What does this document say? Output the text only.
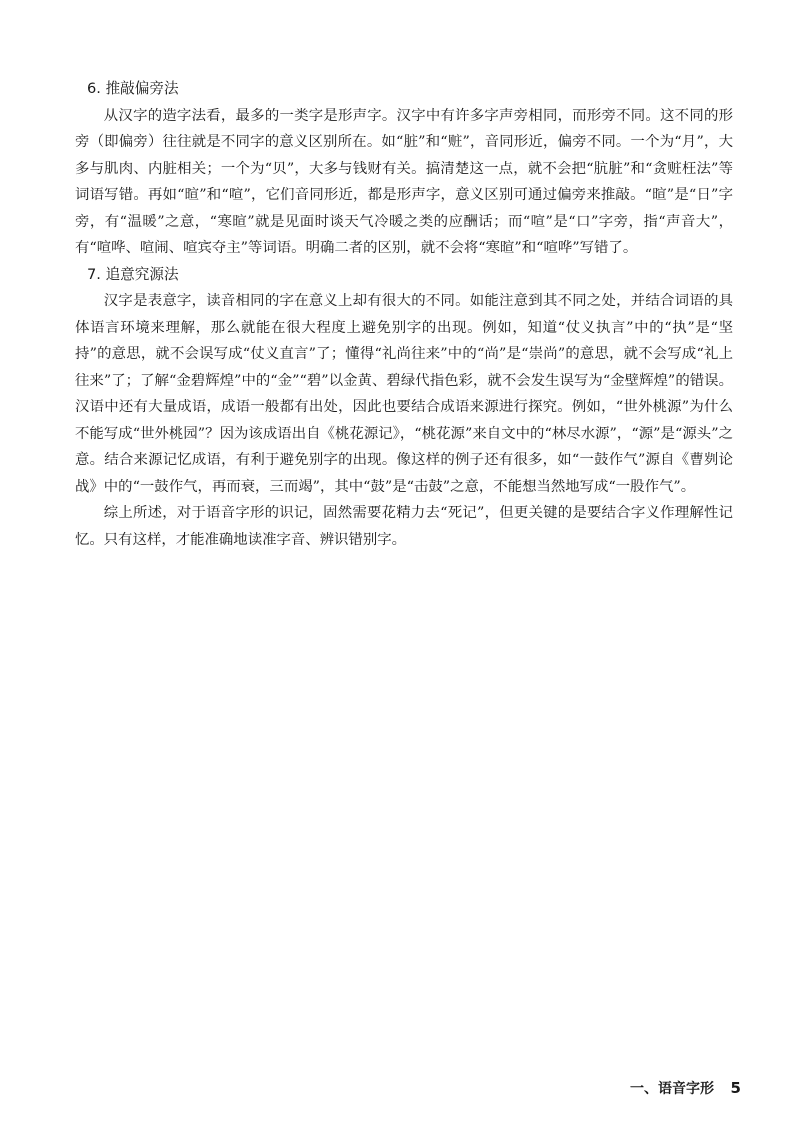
6. 推敲偏旁法

从汉字的造字法看，最多的一类字是形声字。汉字中有许多字声旁相同，而形旁不同。这不同的形旁（即偏旁）往往就是不同字的意义区别所在。如“脏”和“赃”，音同形近，偏旁不同。一个为“月”，大多与肌肉、内脏相关；一个为“贝”，大多与钱财有关。搞清楚这一点，就不会把“肮脏”和“贪赃枉法”等词语写错。再如“暄”和“喧”，它们音同形近，都是形声字，意义区别可通过偏旁来推敲。“暄”是“日”字旁，有“温暖”之意，“寒暄”就是见面时谈天气冷暖之类的应酬话；而“喧”是“口”字旁，指“声音大”，有“喧哗、喧闹、喧宾夺主”等词语。明确二者的区别，就不会将“寒暄”和“喧哗”写错了。

7. 追意究源法

汉字是表意字，读音相同的字在意义上却有很大的不同。如能注意到其不同之处，并结合词语的具体语言环境来理解，那么就能在很大程度上避免别字的出现。例如，知道“仗义执言”中的“执”是“坚持”的意思，就不会误写成“仗义直言”了；懂得“礼尚往来”中的“尚”是“崇尚”的意思，就不会写成“礼上往来”了；了解“金碧辉煌”中的“金”“碧”以金黄、碧绿代指色彩，就不会发生误写为“金壁辉煌”的错误。汉语中还有大量成语，成语一般都有出处，因此也要结合成语来源进行探究。例如，“世外桃源”为什么不能写成“世外桃园”？因为该成语出自《桃花源记》，“桃花源”来自文中的“林尽水源”，“源”是“源头”之意。结合来源记忆成语，有利于避免别字的出现。像这样的例子还有很多，如“一鼓作气”源自《曹刿论战》中的“一鼓作气，再而衰，三而竭”，其中“鼓”是“击鼓”之意，不能想当然地写成“一股作气”。

综上所述，对于语音字形的识记，固然需要花精力去“死记”，但更关键的是要结合字义作理解性记忆。只有这样，才能准确地读准字音、辨识错别字。

一、语音字形 5
